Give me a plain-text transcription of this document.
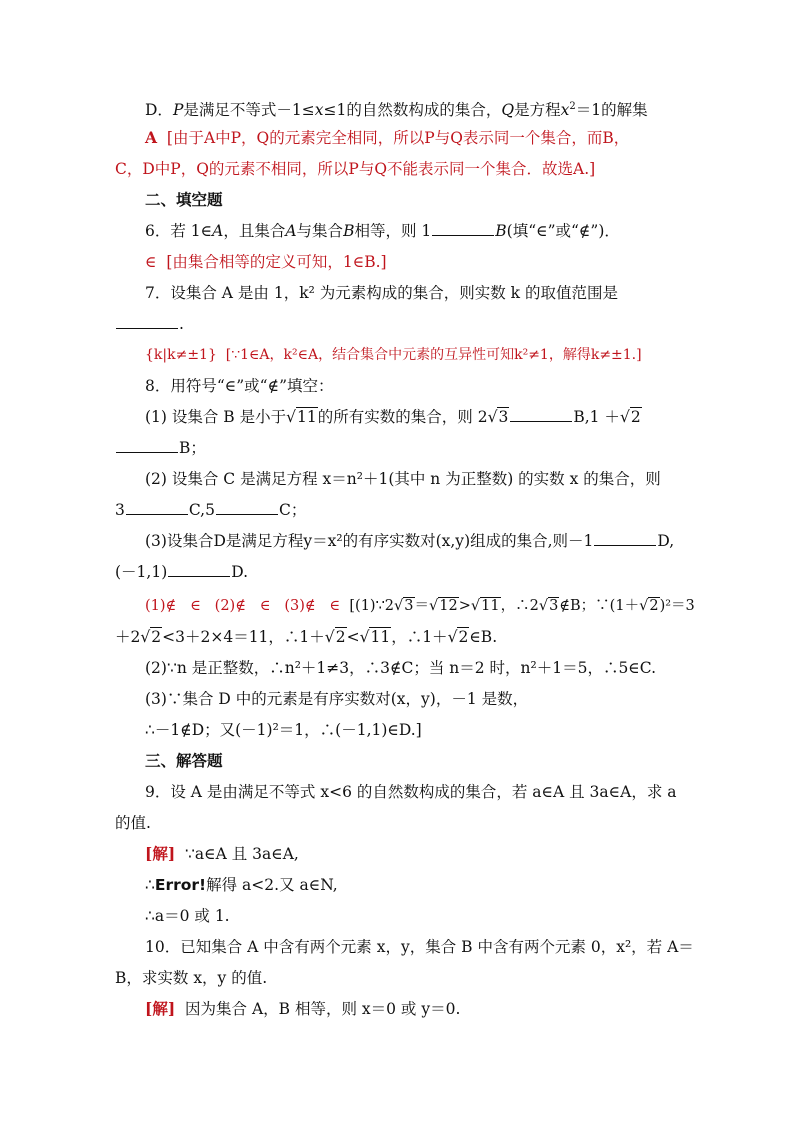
D．P是满足不等式－1≤x≤1的自然数构成的集合，Q是方程$x^2=1$的解集
A [由于A中P，Q的元素完全相同，所以P与Q表示同一个集合，而B，
C，D中P，Q的元素不相同，所以P与Q不能表示同一个集合．故选A.]
二、填空题
6．若 1∈A，且集合A与集合B相等，则 1	B(填“∈”或“∉”)．
∈ [由集合相等的定义可知，1∈B.]
7．设集合 A 是由 1，k² 为元素构成的集合，则实数 k 的取值范围是
.
{k|k≠±1} [∵1∈A，k²∈A，结合集合中元素的互异性可知k²≠1，解得k≠±1.]
8．用符号“∈”或“∉”填空：
(1) 设集合 B 是小于√11的所有实数的集合，则 2√3	B,1 ＋√2
B；
(2) 设集合 C 是满足方程 x＝n²＋1(其中 n 为正整数) 的实数 x 的集合，则
3	C,5	C；
(3)设集合D是满足方程y＝x²的有序实数对(x,y)组成的集合,则－1	D,
(－1,1)	D.
(1)∉   ∈   (2)∉   ∈   (3)∉   ∈ [(1)∵2√3＝√12>√11，∴2√3∉B；∵(1＋√2)²＝3
＋2√2<3＋2×4＝11，∴1＋√2<√11，∴1＋√2∈B.
(2)∵n 是正整数，∴n²＋1≠3，∴3∉C；当 n＝2 时，n²＋1＝5，∴5∈C.
(3)∵集合 D 中的元素是有序实数对(x，y)，－1 是数，
∴－1∉D；又(－1)²＝1，∴(－1,1)∈D.]
三、解答题
9．设 A 是由满足不等式 x<6 的自然数构成的集合，若 a∈A 且 3a∈A，求 a
的值.
[解] ∵a∈A 且 3a∈A,
∴Error!解得 a<2.又 a∈N,
∴a＝0 或 1.
10．已知集合 A 中含有两个元素 x，y，集合 B 中含有两个元素 0，x²，若 A＝
B，求实数 x，y 的值.
[解] 因为集合 A，B 相等，则 x＝0 或 y＝0.
